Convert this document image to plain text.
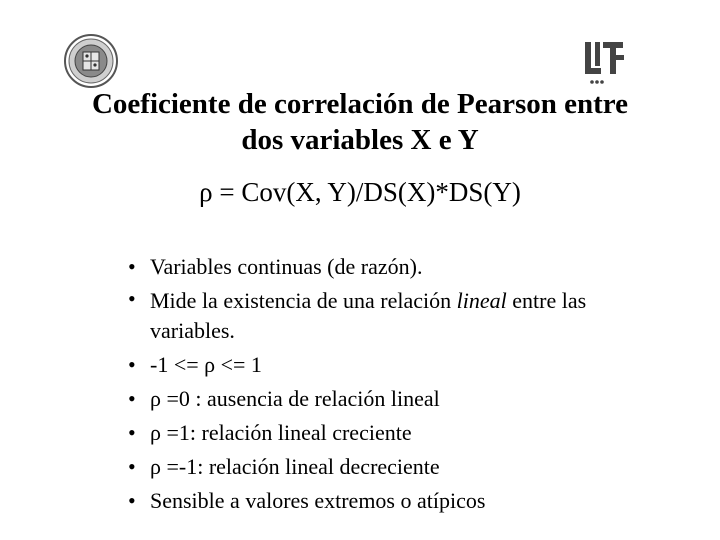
Coeficiente de correlación de Pearson entre
dos variables X e Y
ρ = Cov(X, Y)/DS(X)*DS(Y)
• Variables continuas (de razón).
• Mide la existencia de una relación lineal entre las variables.
• -1 <= ρ <= 1
• ρ =0 : ausencia de relación lineal
• ρ =1: relación lineal creciente
• ρ =-1: relación lineal decreciente
• Sensible a valores extremos o atípicos
